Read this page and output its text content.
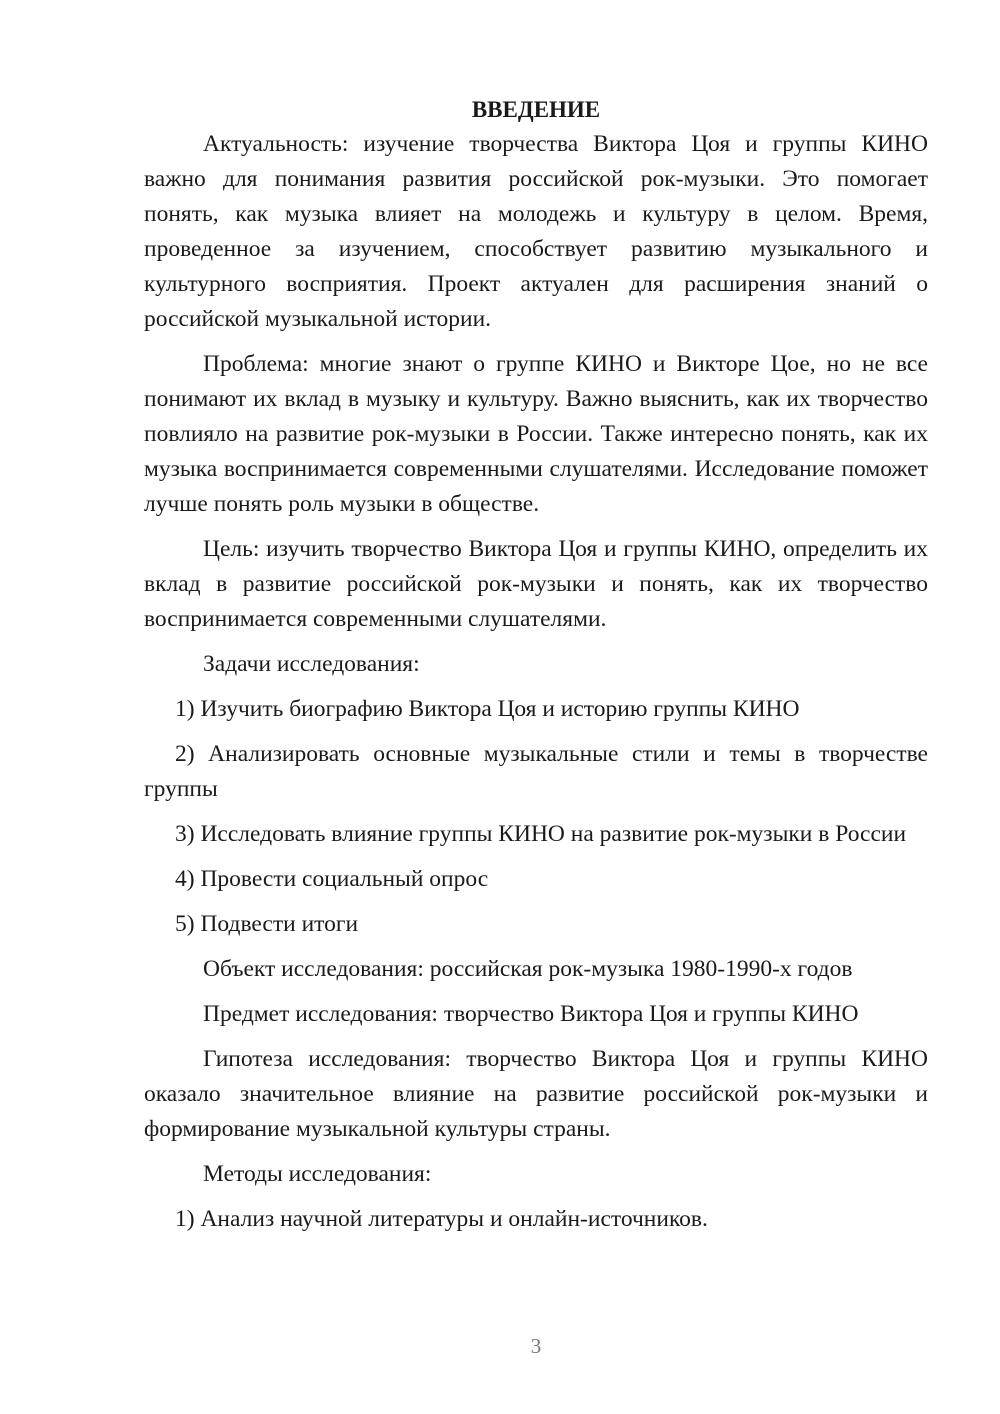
ВВЕДЕНИЕ

Актуальность: изучение творчества Виктора Цоя и группы КИНО важно для понимания развития российской рок-музыки. Это помогает понять, как музыка влияет на молодежь и культуру в целом. Время, проведенное за изучением, способствует развитию музыкального и культурного восприятия. Проект актуален для расширения знаний о российской музыкальной истории.

Проблема: многие знают о группе КИНО и Викторе Цое, но не все понимают их вклад в музыку и культуру. Важно выяснить, как их творчество повлияло на развитие рок-музыки в России. Также интересно понять, как их музыка воспринимается современными слушателями. Исследование поможет лучше понять роль музыки в обществе.

Цель: изучить творчество Виктора Цоя и группы КИНО, определить их вклад в развитие российской рок-музыки и понять, как их творчество воспринимается современными слушателями.

Задачи исследования:

1) Изучить биографию Виктора Цоя и историю группы КИНО

2) Анализировать основные музыкальные стили и темы в творчестве группы

3) Исследовать влияние группы КИНО на развитие рок-музыки в России

4) Провести социальный опрос

5) Подвести итоги

Объект исследования: российская рок-музыка 1980-1990-х годов

Предмет исследования: творчество Виктора Цоя и группы КИНО

Гипотеза исследования: творчество Виктора Цоя и группы КИНО оказало значительное влияние на развитие российской рок-музыки и формирование музыкальной культуры страны.

Методы исследования:

1) Анализ научной литературы и онлайн-источников.

3
